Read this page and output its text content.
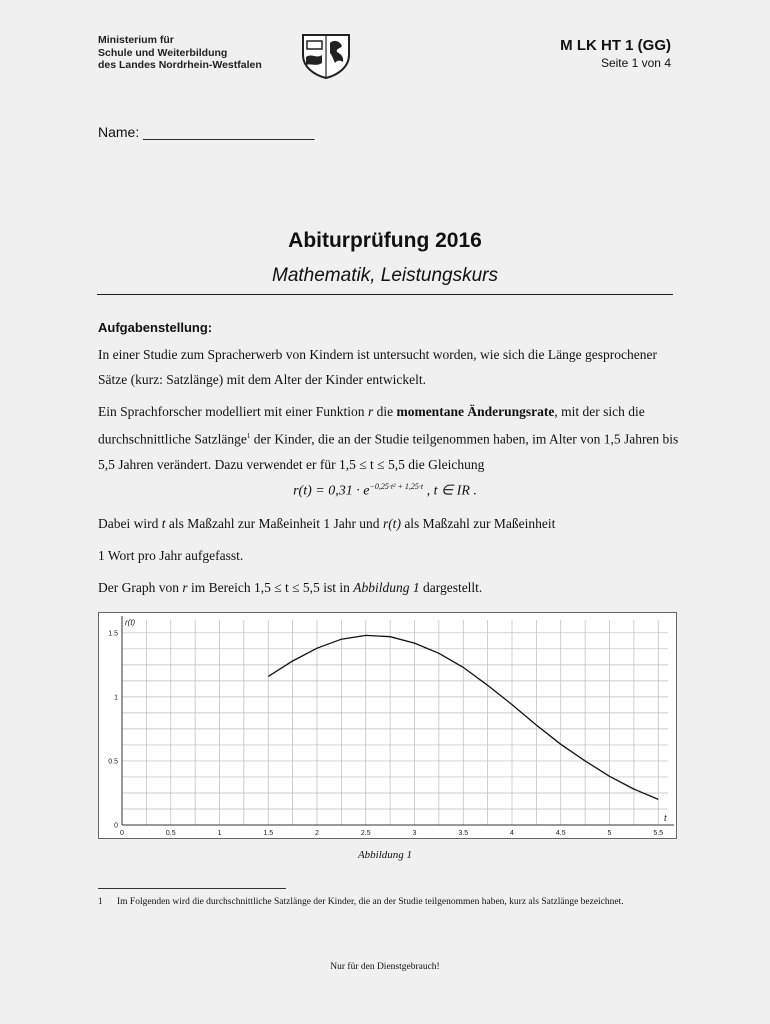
Ministerium für
Schule und Weiterbildung
des Landes Nordrhein-Westfalen
M LK HT 1 (GG)
Seite 1 von 4
Name: ______________________
Abiturprüfung 2016
Mathematik, Leistungskurs
Aufgabenstellung:
In einer Studie zum Spracherwerb von Kindern ist untersucht worden, wie sich die Länge gesprochener Sätze (kurz: Satzlänge) mit dem Alter der Kinder entwickelt.
Ein Sprachforscher modelliert mit einer Funktion r die momentane Änderungsrate, mit der sich die durchschnittliche Satzlänge$^1$ der Kinder, die an der Studie teilgenommen haben, im Alter von 1,5 Jahren bis 5,5 Jahren verändert. Dazu verwendet er für 1,5 ≤ t ≤ 5,5 die Gleichung
$r(t) = 0,31 \cdot e^{-0,25\cdot t^2 + 1,25\cdot t}$ , t ∈ IR .
Dabei wird t als Maßzahl zur Maßeinheit 1 Jahr und r(t) als Maßzahl zur Maßeinheit
1 Wort pro Jahr aufgefasst.
Der Graph von r im Bereich 1,5 ≤ t ≤ 5,5 ist in Abbildung 1 dargestellt.
0	0.5	1	1.5	2	2.5	3	3.5	4	4.5	5	5.5
0.5
1
1.5
0
r(t)
t
Abbildung 1
1 Im Folgenden wird die durchschnittliche Satzlänge der Kinder, die an der Studie teilgenommen haben, kurz als Satzlänge bezeichnet.
Nur für den Dienstgebrauch!
